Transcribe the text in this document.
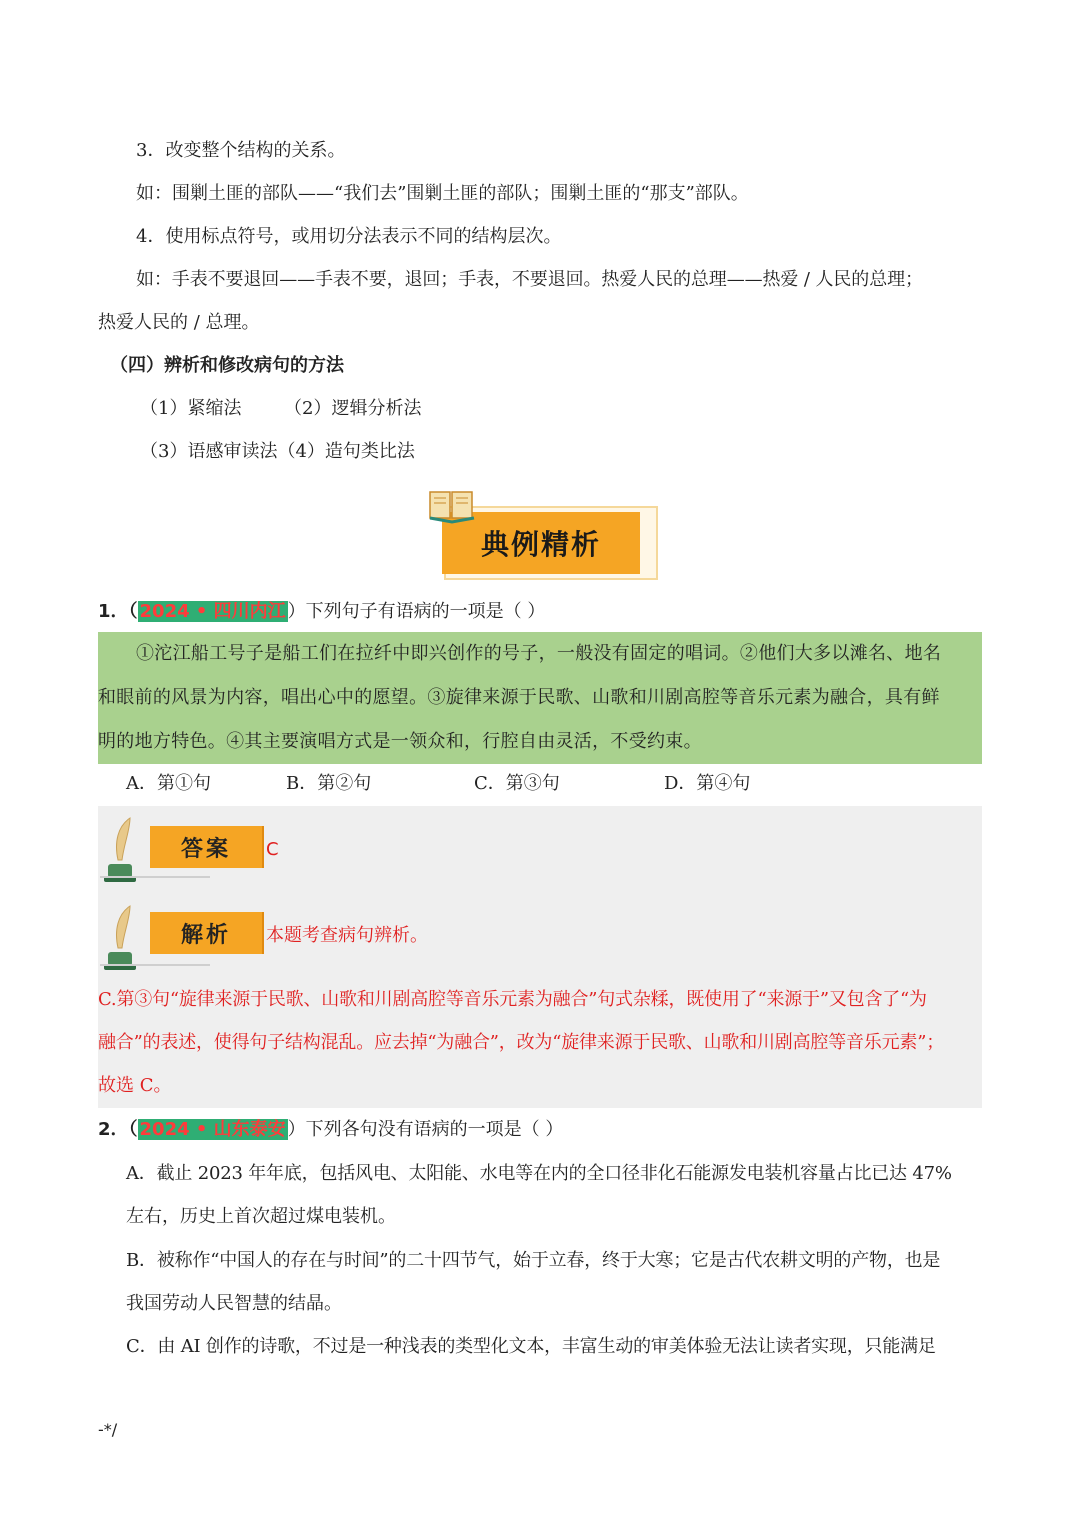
3．改变整个结构的关系。
如：围剿土匪的部队——“我们去”围剿土匪的部队；围剿土匪的“那支”部队。
4．使用标点符号，或用切分法表示不同的结构层次。
如：手表不要退回——手表不要，退回；手表，不要退回。热爱人民的总理——热爱 / 人民的总理；
热爱人民的 / 总理。
（四）辨析和修改病句的方法
（1）紧缩法 （2）逻辑分析法
（3）语感审读法（4）造句类比法
典例精析
1．（ 2024 • 四川内江 ）下列句子有语病的一项是（ ）
①沱江船工号子是船工们在拉纤中即兴创作的号子，一般没有固定的唱词。②他们大多以滩名、地名
和眼前的风景为内容，唱出心中的愿望。③旋律来源于民歌、山歌和川剧高腔等音乐元素为融合，具有鲜
明的地方特色。④其主要演唱方式是一领众和，行腔自由灵活，不受约束。
A．第①句	B．第②句	C．第③句	D．第④句
答案	C
解析	本题考查病句辨析。
C.第③句“旋律来源于民歌、山歌和川剧高腔等音乐元素为融合”句式杂糅，既使用了“来源于”又包含了“为
融合”的表述，使得句子结构混乱。应去掉“为融合”，改为“旋律来源于民歌、山歌和川剧高腔等音乐元素”；
故选 C。
2．（ 2024 • 山东泰安 ）下列各句没有语病的一项是（ ）
A．截止 2023 年年底，包括风电、太阳能、水电等在内的全口径非化石能源发电装机容量占比已达 47%
左右，历史上首次超过煤电装机。
B．被称作“中国人的存在与时间”的二十四节气，始于立春，终于大寒；它是古代农耕文明的产物，也是
我国劳动人民智慧的结晶。
C．由 AI 创作的诗歌，不过是一种浅表的类型化文本，丰富生动的审美体验无法让读者实现，只能满足
-*/
